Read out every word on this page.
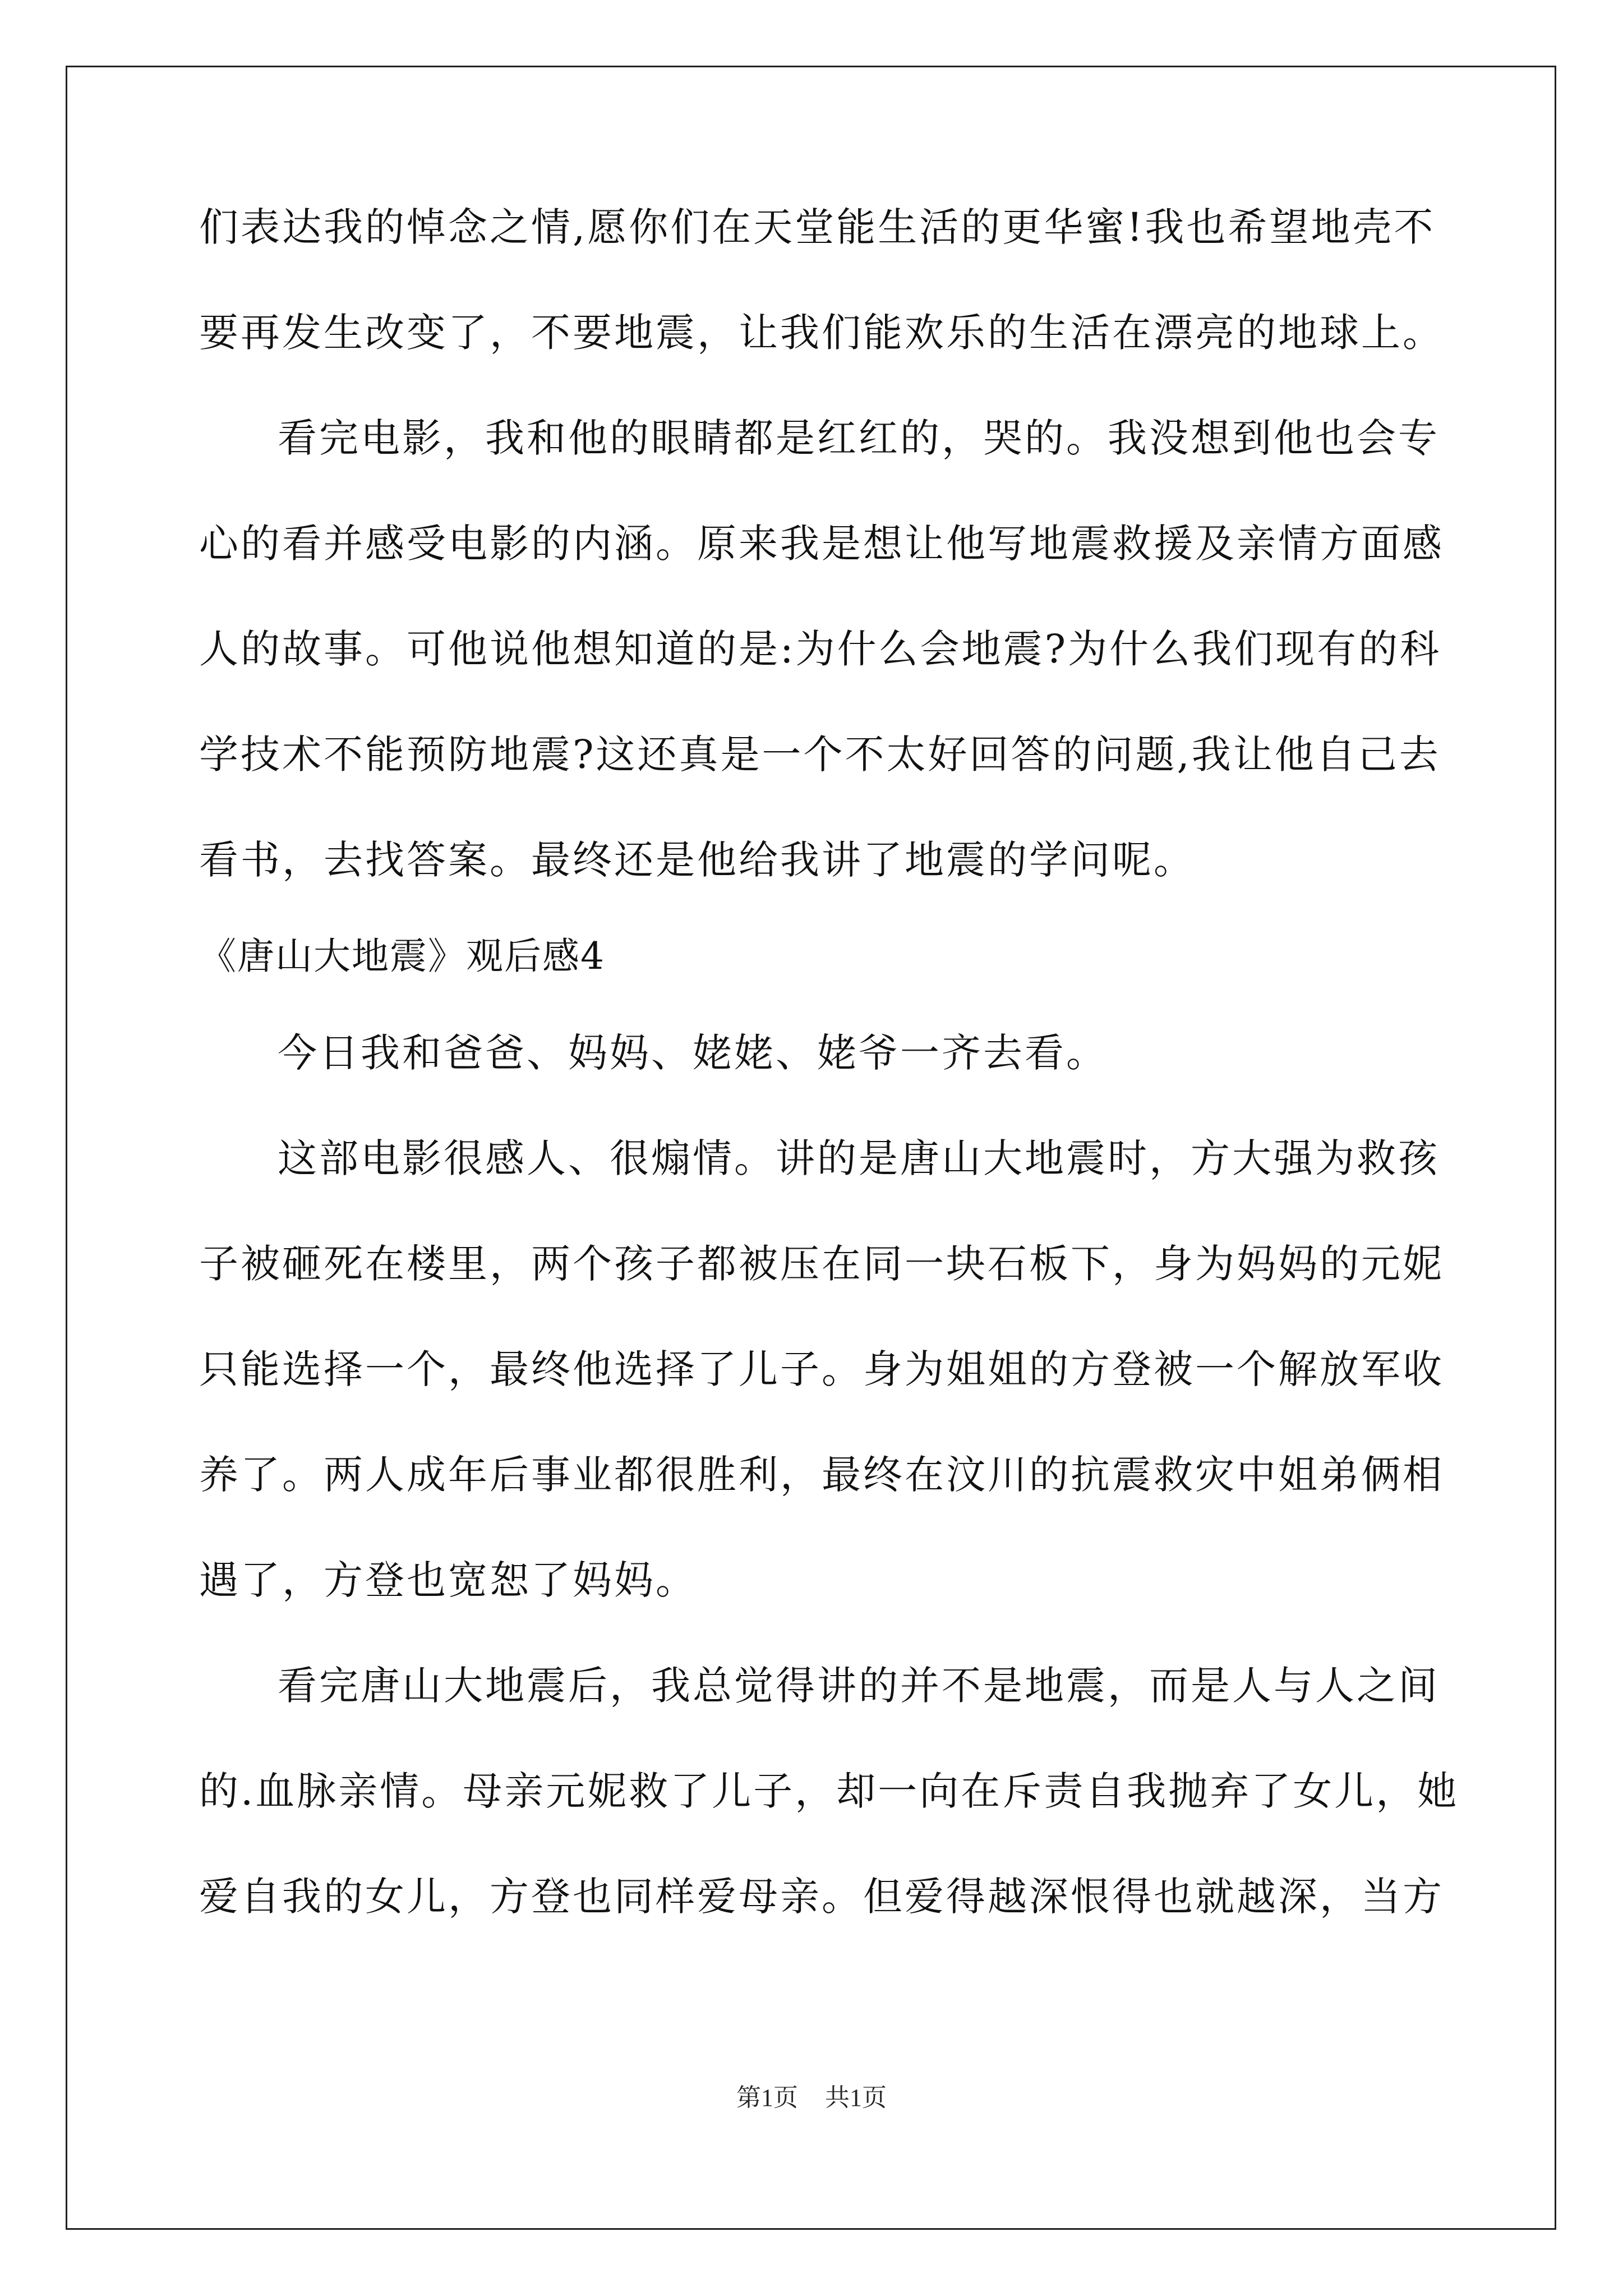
们表达我的悼念之情,愿你们在天堂能生活的更华蜜!我也希望地壳不
要再发生改变了，不要地震，让我们能欢乐的生活在漂亮的地球上。
看完电影，我和他的眼睛都是红红的，哭的。我没想到他也会专
心的看并感受电影的内涵。原来我是想让他写地震救援及亲情方面感
人的故事。可他说他想知道的是:为什么会地震?为什么我们现有的科
学技术不能预防地震?这还真是一个不太好回答的问题,我让他自己去
看书，去找答案。最终还是他给我讲了地震的学问呢。
《唐山大地震》观后感4
今日我和爸爸、妈妈、姥姥、姥爷一齐去看。
这部电影很感人、很煽情。讲的是唐山大地震时，方大强为救孩
子被砸死在楼里，两个孩子都被压在同一块石板下，身为妈妈的元妮
只能选择一个，最终他选择了儿子。身为姐姐的方登被一个解放军收
养了。两人成年后事业都很胜利，最终在汶川的抗震救灾中姐弟俩相
遇了，方登也宽恕了妈妈。
看完唐山大地震后，我总觉得讲的并不是地震，而是人与人之间
的.血脉亲情。母亲元妮救了儿子，却一向在斥责自我抛弃了女儿，她
爱自我的女儿，方登也同样爱母亲。但爱得越深恨得也就越深，当方
第1页 共1页
